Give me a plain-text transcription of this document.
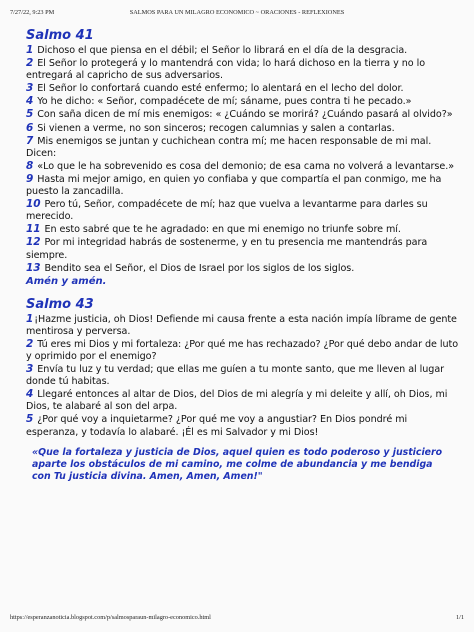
7/27/22, 9:23 PM	SALMOS PARA UN MILAGRO ECONOMICO ~ ORACIONES - REFLEXIONES

Salmo 41

1 Dichoso el que piensa en el débil; el Señor lo librará en el día de la desgracia.

2 El Señor lo protegerá y lo mantendrá con vida; lo hará dichoso en la tierra y no lo entregará al capricho de sus adversarios.

3 El Señor lo confortará cuando esté enfermo; lo alentará en el lecho del dolor.

4 Yo he dicho: « Señor, compadécete de mí; sáname, pues contra ti he pecado.»

5 Con saña dicen de mí mis enemigos: « ¿Cuándo se morirá? ¿Cuándo pasará al olvido?»

6 Si vienen a verme, no son sinceros; recogen calumnias y salen a contarlas.

7 Mis enemigos se juntan y cuchichean contra mí; me hacen responsable de mi mal. Dicen:

8 «Lo que le ha sobrevenido es cosa del demonio; de esa cama no volverá a levantarse.»

9 Hasta mi mejor amigo, en quien yo confiaba y que compartía el pan conmigo, me ha puesto la zancadilla.

10 Pero tú, Señor, compadécete de mí; haz que vuelva a levantarme para darles su merecido.

11 En esto sabré que te he agradado: en que mi enemigo no triunfe sobre mí.

12 Por mi integridad habrás de sostenerme, y en tu presencia me mantendrás para siempre.

13 Bendito sea el Señor, el Dios de Israel por los siglos de los siglos.

Amén y amén.

Salmo 43

1¡Hazme justicia, oh Dios! Defiende mi causa frente a esta nación impía líbrame de gente mentirosa y perversa.

2 Tú eres mi Dios y mi fortaleza: ¿Por qué me has rechazado? ¿Por qué debo andar de luto y oprimido por el enemigo?

3 Envía tu luz y tu verdad; que ellas me guíen a tu monte santo, que me lleven al lugar donde tú habitas.

4 Llegaré entonces al altar de Dios, del Dios de mi alegría y mi deleite y allí, oh Dios, mi Dios, te alabaré al son del arpa.

5 ¿Por qué voy a inquietarme? ¿Por qué me voy a angustiar? En Dios pondré mi esperanza, y todavía lo alabaré. ¡Él es mi Salvador y mi Dios!

«Que la fortaleza y justicia de Dios, aquel quien es todo poderoso y justiciero aparte los obstáculos de mi camino, me colme de abundancia y me bendiga con Tu justicia divina. Amen, Amen, Amen!"

https://esperanzanoticia.blogspot.com/p/salmosparaun-milagro-economico.html	1/1
